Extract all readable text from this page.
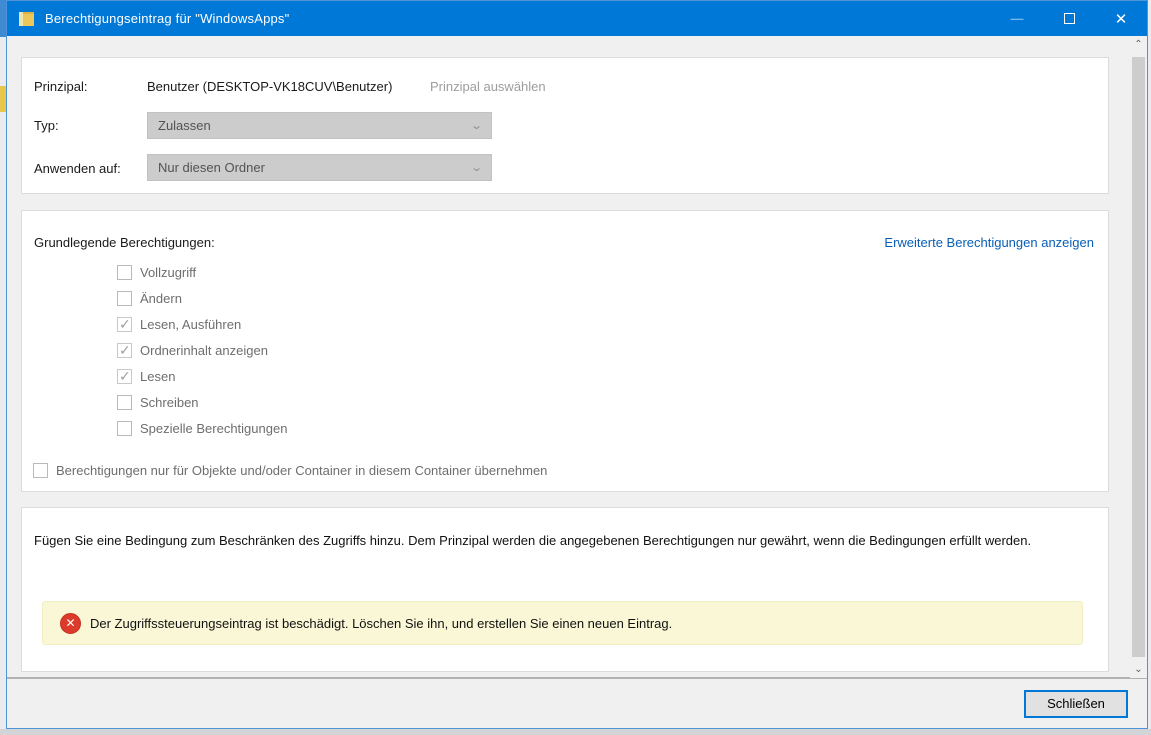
Berechtigungseintrag für "WindowsApps"	—	✕
Prinzipal:	Benutzer (DESKTOP-VK18CUV\Benutzer)	Prinzipal auswählen
Typ:	Zulassen	⌄
Anwenden auf:	Nur diesen Ordner	⌄
Grundlegende Berechtigungen:	Erweiterte Berechtigungen anzeigen
Vollzugriff
Ändern
✓
Lesen, Ausführen
✓
Ordnerinhalt anzeigen
✓
Lesen
Schreiben
Spezielle Berechtigungen
Berechtigungen nur für Objekte und/oder Container in diesem Container übernehmen
Fügen Sie eine Bedingung zum Beschränken des Zugriffs hinzu. Dem Prinzipal werden die angegebenen Berechtigungen nur gewährt, wenn die Bedingungen erfüllt werden.
✕	Der Zugriffssteuerungseintrag ist beschädigt. Löschen Sie ihn, und erstellen Sie einen neuen Eintrag.
⌃
⌄
Schließen
